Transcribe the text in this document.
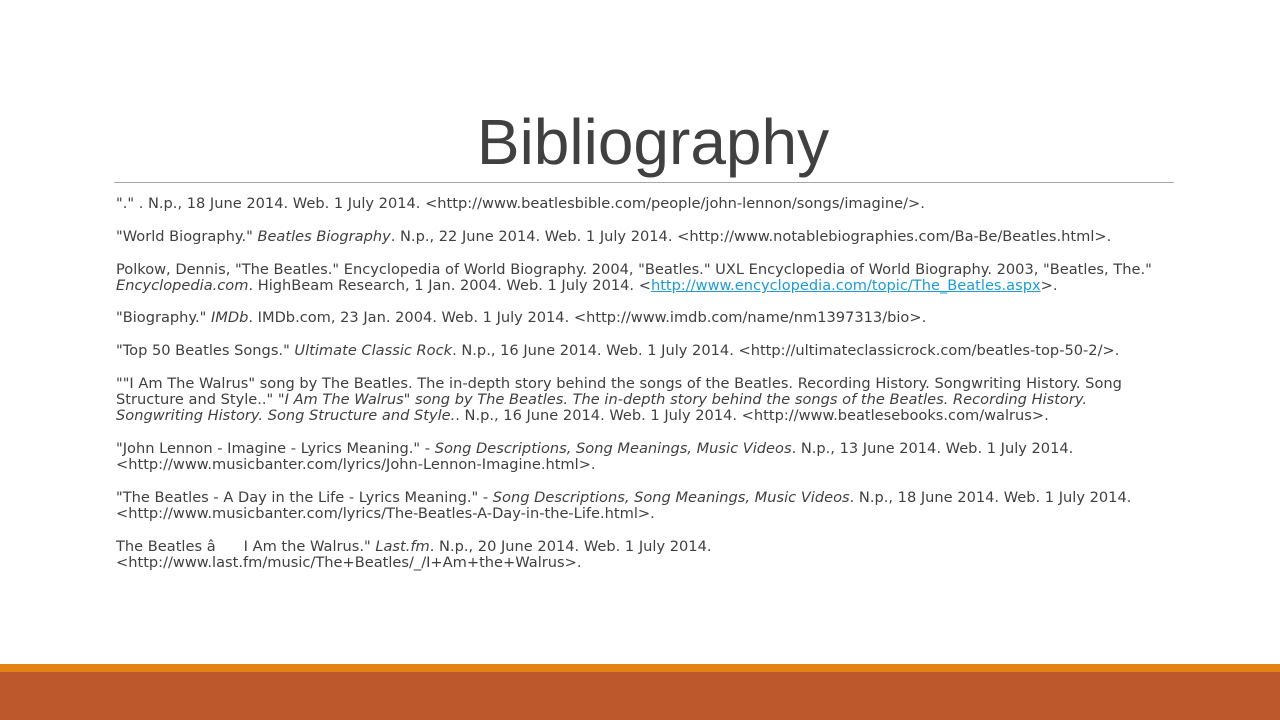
Bibliography

"." . N.p., 18 June 2014. Web. 1 July 2014. <http://www.beatlesbible.com/people/john-lennon/songs/imagine/>.

"World Biography." Beatles Biography. N.p., 22 June 2014. Web. 1 July 2014. <http://www.notablebiographies.com/Ba-Be/Beatles.html>.

Polkow, Dennis, "The Beatles." Encyclopedia of World Biography. 2004, "Beatles." UXL Encyclopedia of World Biography. 2003, "Beatles, The." Encyclopedia.com. HighBeam Research, 1 Jan. 2004. Web. 1 July 2014. <http://www.encyclopedia.com/topic/The_Beatles.aspx>.

"Biography." IMDb. IMDb.com, 23 Jan. 2004. Web. 1 July 2014. <http://www.imdb.com/name/nm1397313/bio>.

"Top 50 Beatles Songs." Ultimate Classic Rock. N.p., 16 June 2014. Web. 1 July 2014. <http://ultimateclassicrock.com/beatles-top-50-2/>.

""I Am The Walrus" song by The Beatles. The in-depth story behind the songs of the Beatles. Recording History. Songwriting History. Song Structure and Style.." "I Am The Walrus" song by The Beatles. The in-depth story behind the songs of the Beatles. Recording History. Songwriting History. Song Structure and Style.. N.p., 16 June 2014. Web. 1 July 2014. <http://www.beatlesebooks.com/walrus>.

"John Lennon - Imagine - Lyrics Meaning." - Song Descriptions, Song Meanings, Music Videos. N.p., 13 June 2014. Web. 1 July 2014. <http://www.musicbanter.com/lyrics/John-Lennon-Imagine.html>.

"The Beatles - A Day in the Life - Lyrics Meaning." - Song Descriptions, Song Meanings, Music Videos. N.p., 18 June 2014. Web. 1 July 2014. <http://www.musicbanter.com/lyrics/The-Beatles-A-Day-in-the-Life.html>.

The Beatles â I Am the Walrus." Last.fm. N.p., 20 June 2014. Web. 1 July 2014. <http://www.last.fm/music/The+Beatles/_/I+Am+the+Walrus>.
